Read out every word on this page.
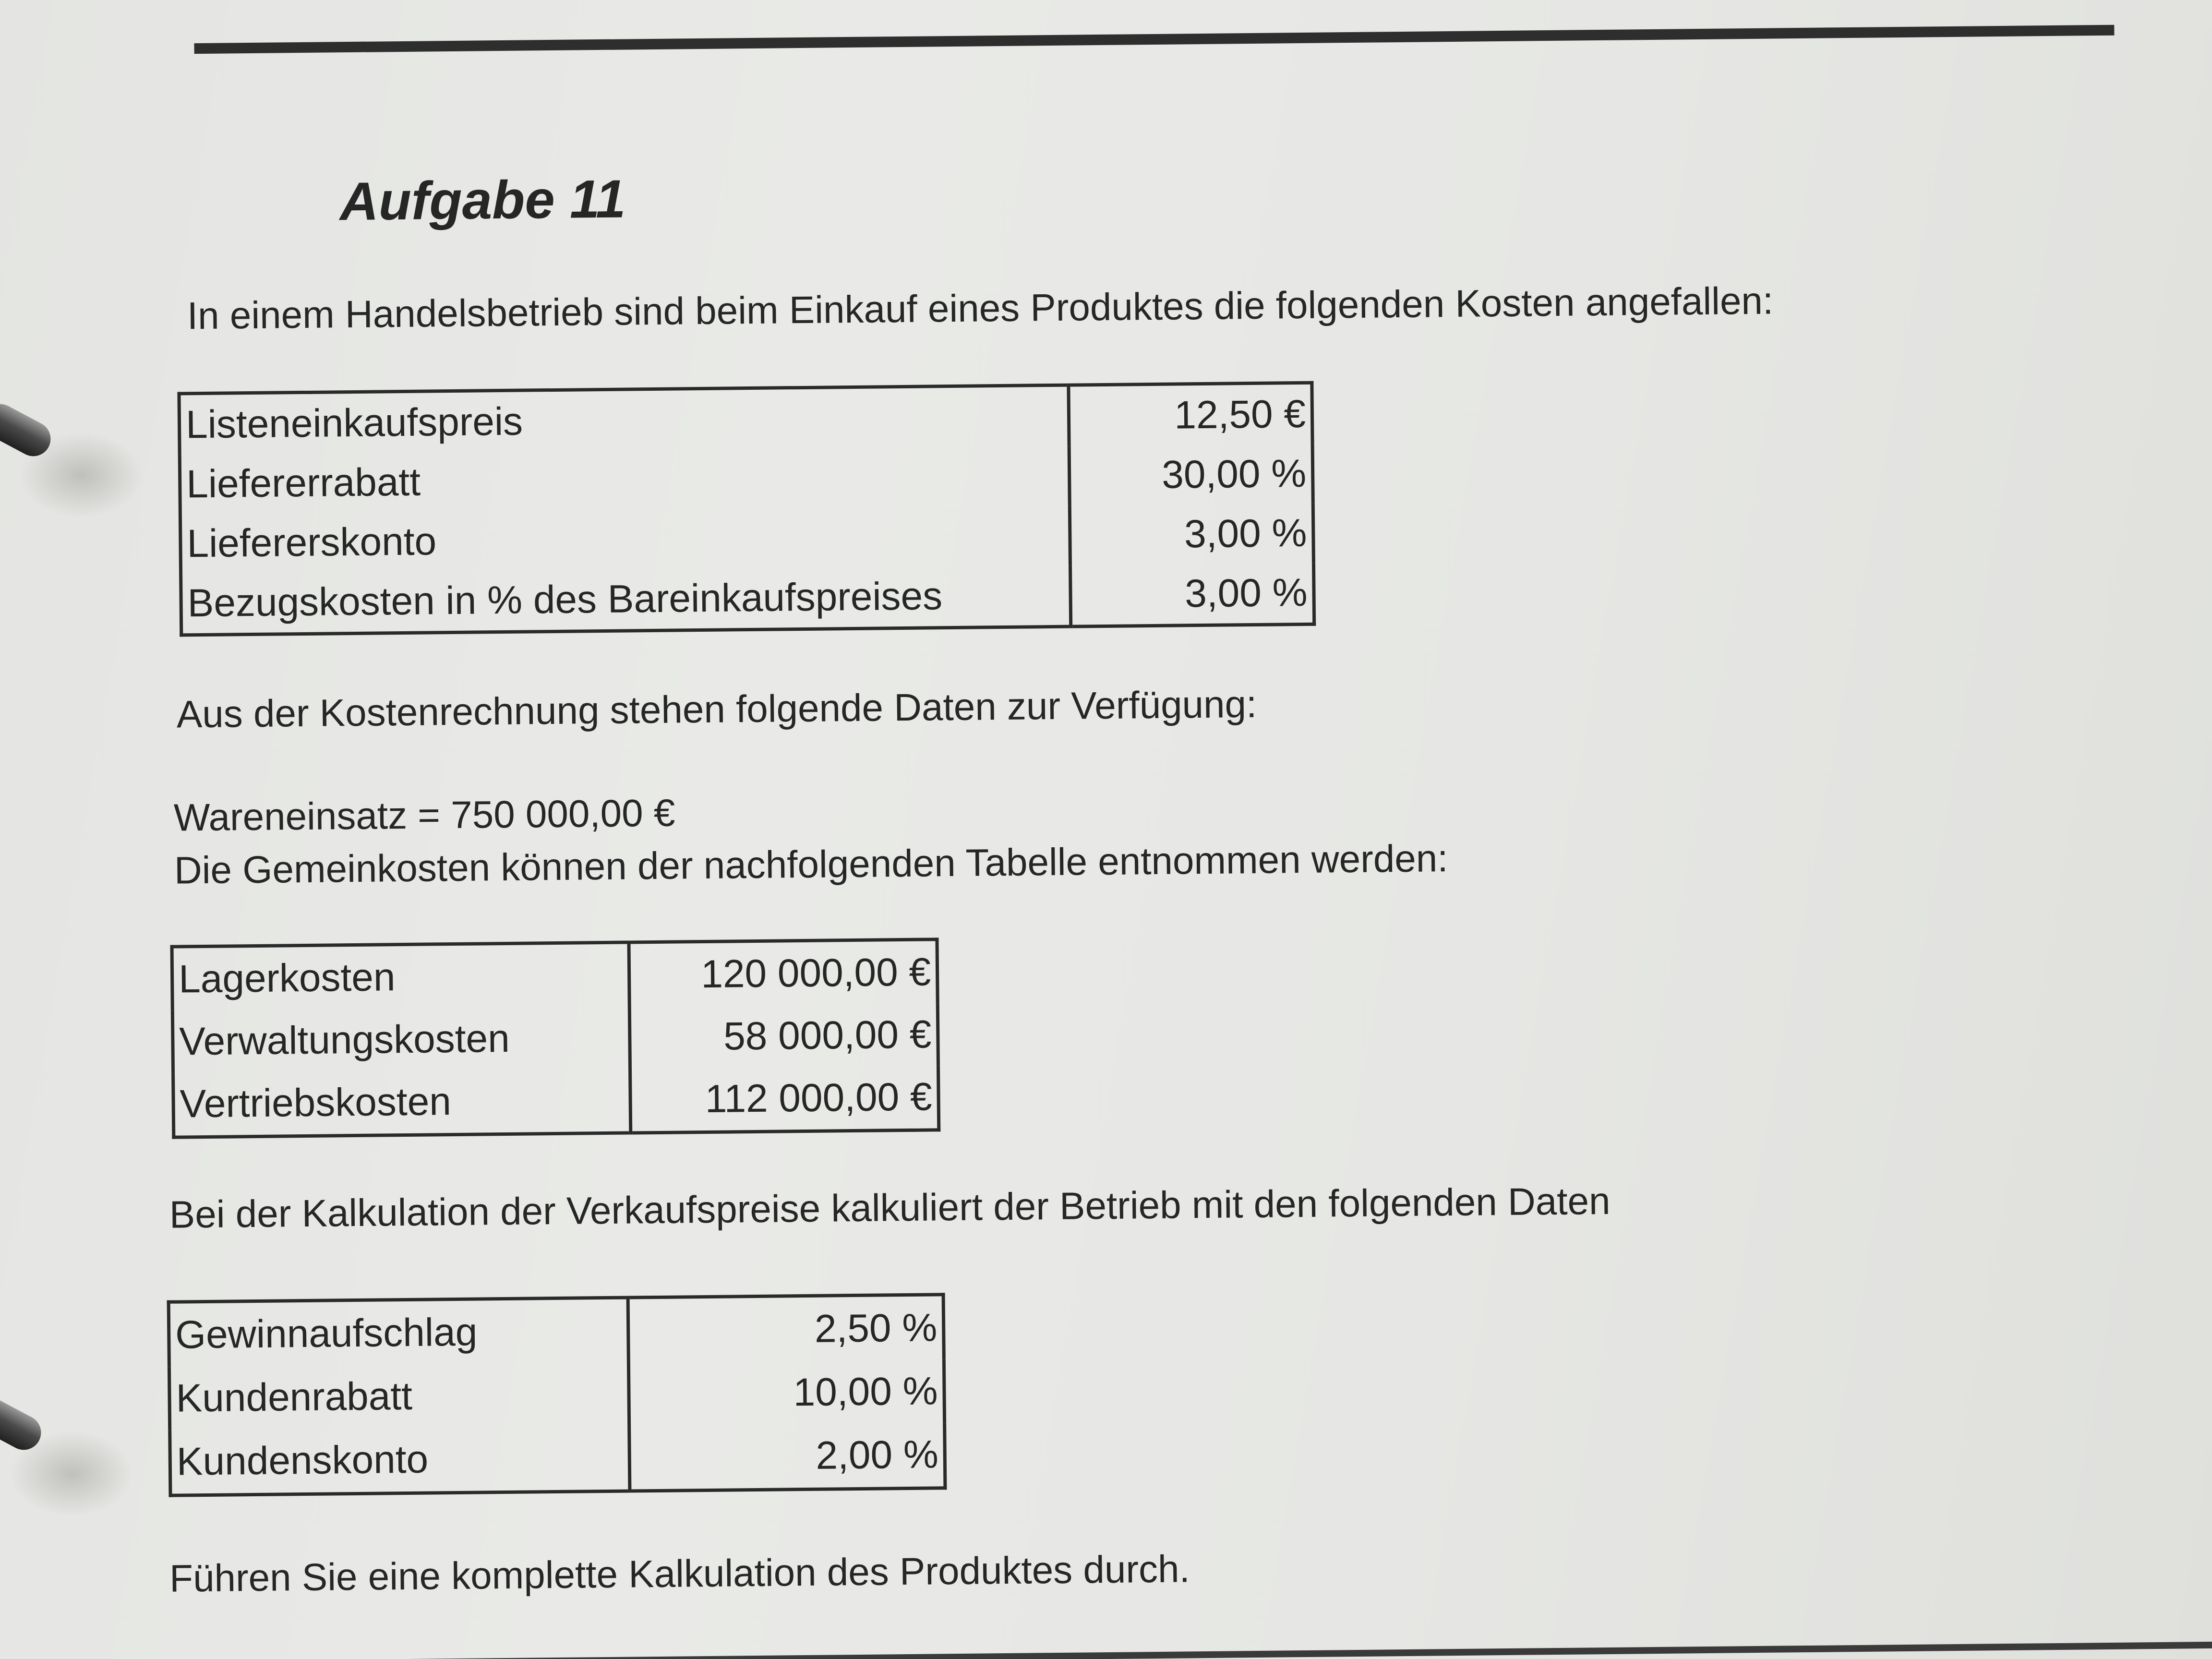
Aufgabe 11

In einem Handelsbetrieb sind beim Einkauf eines Produktes die folgenden Kosten angefallen:

Listeneinkaufspreis	12,50 €
Liefererrabatt	30,00 %
Liefererskonto	3,00 %
Bezugskosten in % des Bareinkaufspreises	3,00 %

Aus der Kostenrechnung stehen folgende Daten zur Verfügung:

Wareneinsatz = 750 000,00 €

Die Gemeinkosten können der nachfolgenden Tabelle entnommen werden:

Lagerkosten	120 000,00 €
Verwaltungskosten	58 000,00 €
Vertriebskosten	112 000,00 €

Bei der Kalkulation der Verkaufspreise kalkuliert der Betrieb mit den folgenden Daten

Gewinnaufschlag	2,50 %
Kundenrabatt	10,00 %
Kundenskonto	2,00 %

Führen Sie eine komplette Kalkulation des Produktes durch.
